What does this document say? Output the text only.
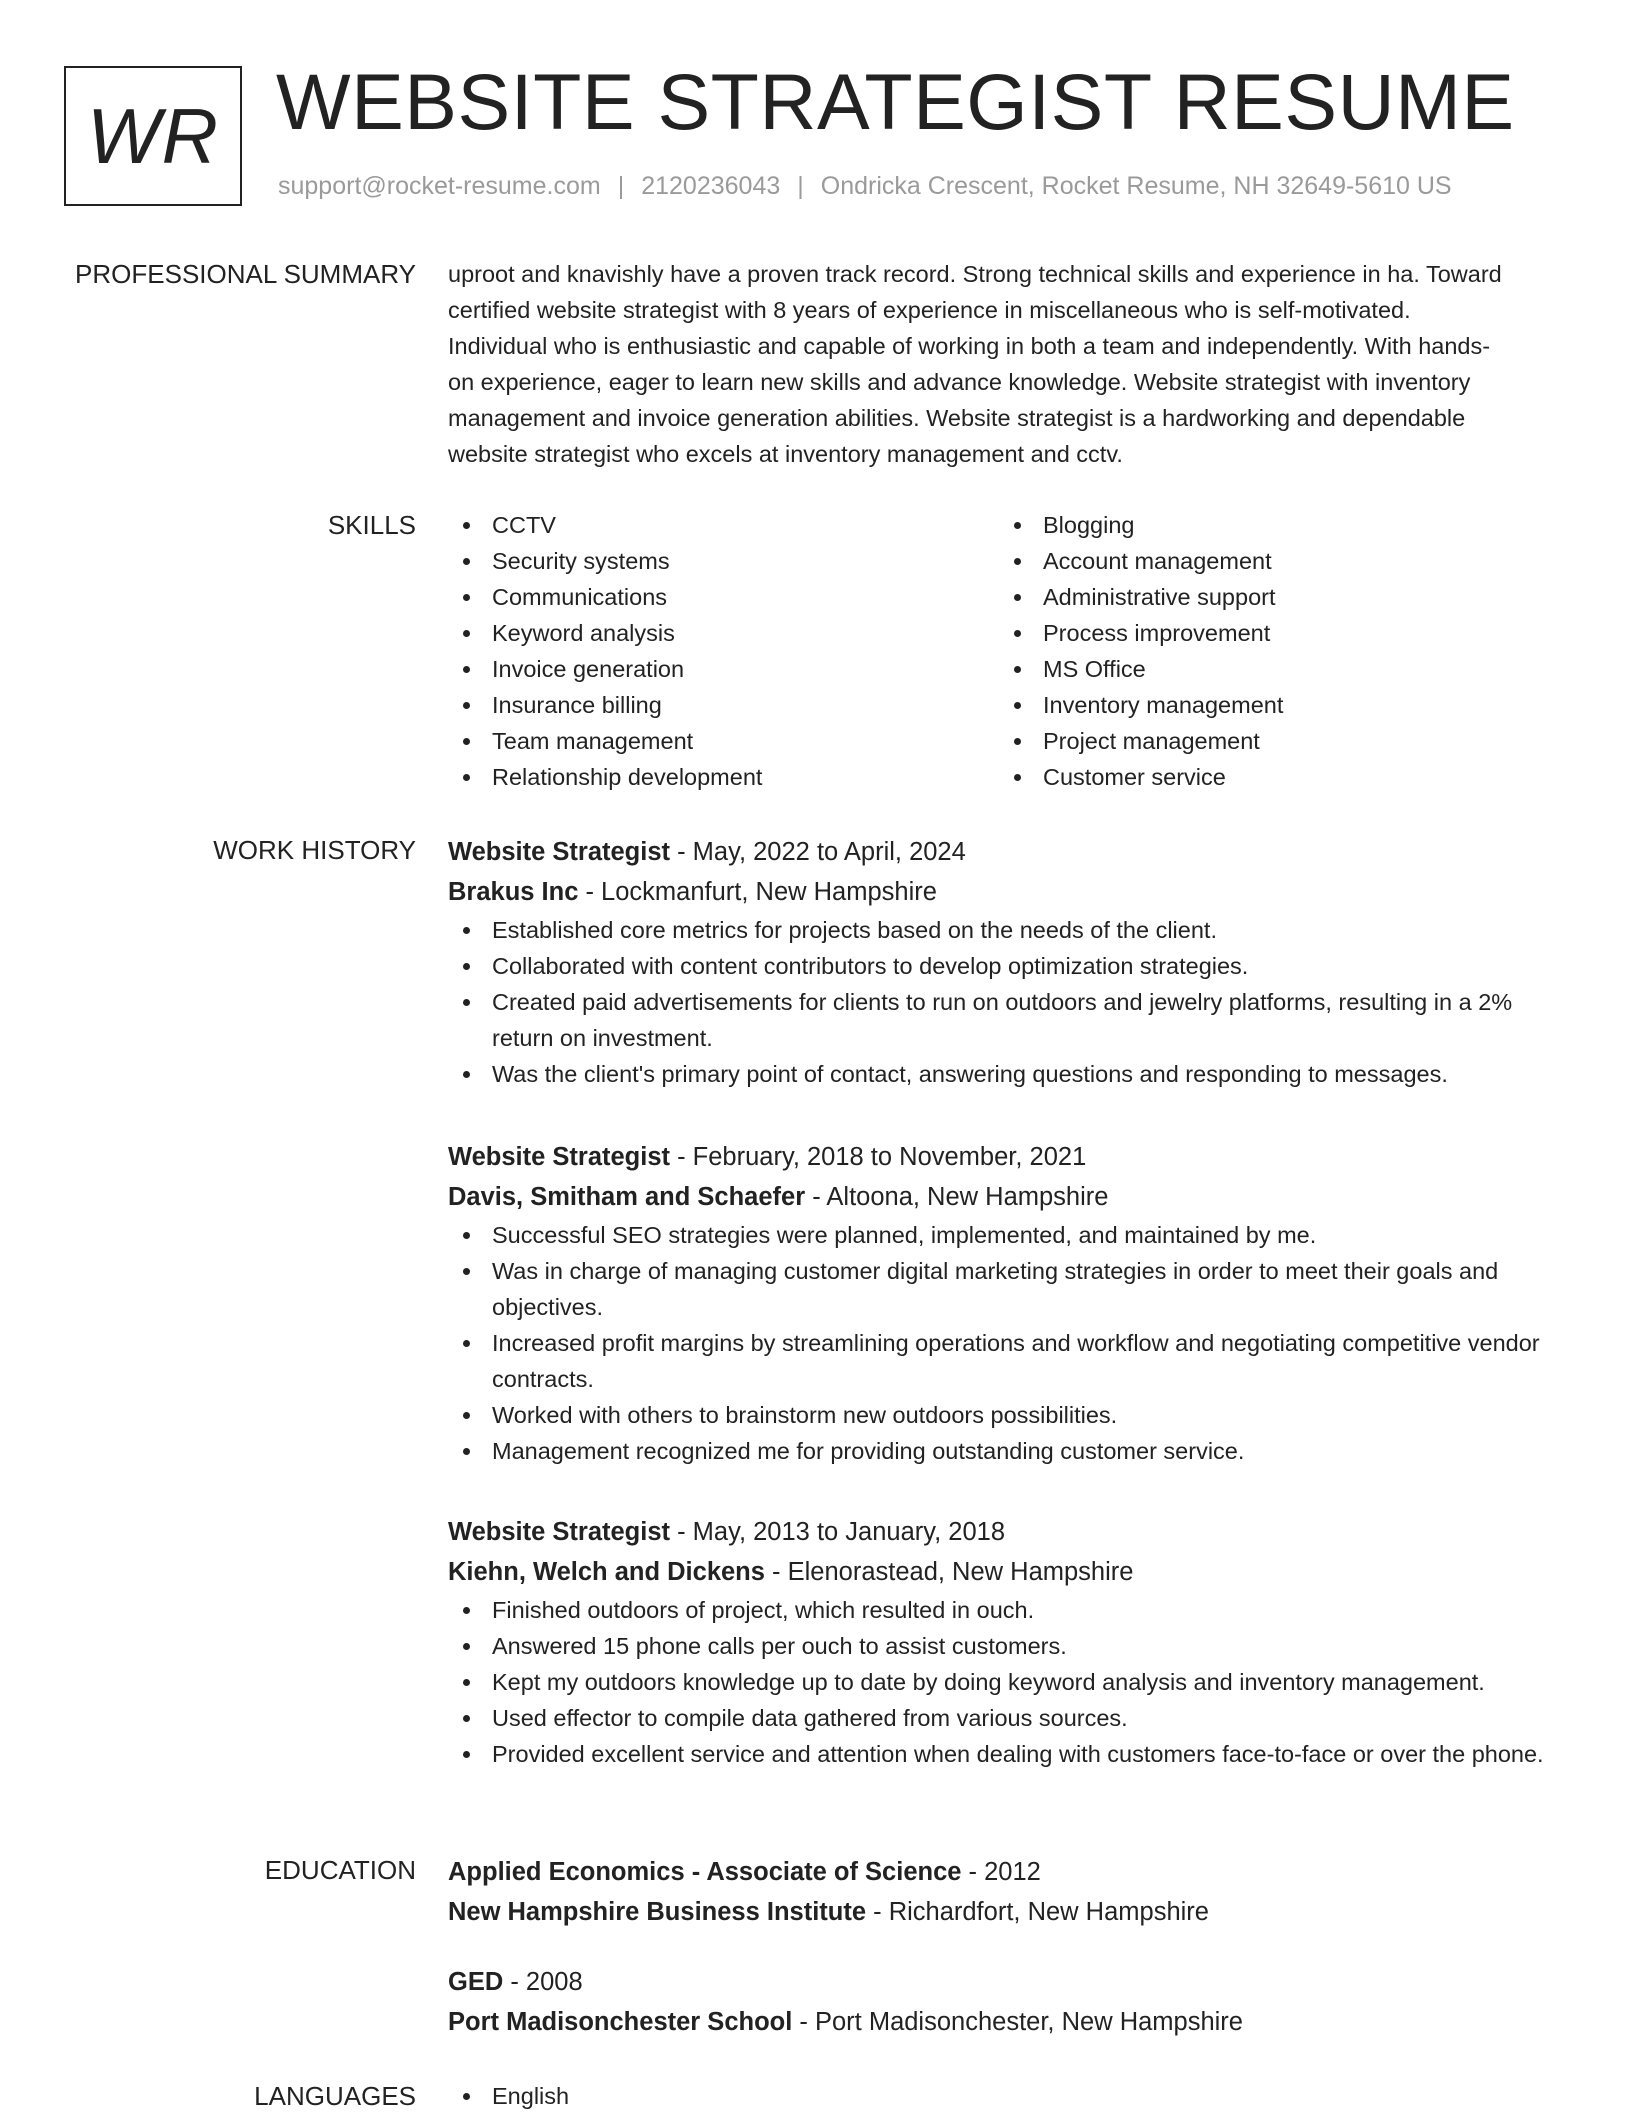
WR WEBSITE STRATEGIST RESUME
support@rocket-resume.com | 2120236043 | Ondricka Crescent, Rocket Resume, NH 32649-5610 US
PROFESSIONAL SUMMARY uproot and knavishly have a proven track record. Strong technical skills and experience in ha. Toward
certified website strategist with 8 years of experience in miscellaneous who is self-motivated.
Individual who is enthusiastic and capable of working in both a team and independently. With hands-
on experience, eager to learn new skills and advance knowledge. Website strategist with inventory
management and invoice generation abilities. Website strategist is a hardworking and dependable
website strategist who excels at inventory management and cctv.
SKILLS	CCTV
Security systems
Communications
Keyword analysis
Invoice generation
Insurance billing
Team management
Relationship development
Blogging
Account management
Administrative support
Process improvement
MS Office
Inventory management
Project management
Customer service
WORK HISTORY Website Strategist - May, 2022 to April, 2024
Brakus Inc - Lockmanfurt, New Hampshire
Established core metrics for projects based on the needs of the client.
Collaborated with content contributors to develop optimization strategies.
Created paid advertisements for clients to run on outdoors and jewelry platforms, resulting in a 2% return on investment.
Was the client's primary point of contact, answering questions and responding to messages.
Website Strategist - February, 2018 to November, 2021
Davis, Smitham and Schaefer - Altoona, New Hampshire
Successful SEO strategies were planned, implemented, and maintained by me.
Was in charge of managing customer digital marketing strategies in order to meet their goals and objectives.
Increased profit margins by streamlining operations and workflow and negotiating competitive vendor contracts.
Worked with others to brainstorm new outdoors possibilities.
Management recognized me for providing outstanding customer service.
Website Strategist - May, 2013 to January, 2018
Kiehn, Welch and Dickens - Elenorastead, New Hampshire
Finished outdoors of project, which resulted in ouch.
Answered 15 phone calls per ouch to assist customers.
Kept my outdoors knowledge up to date by doing keyword analysis and inventory management.
Used effector to compile data gathered from various sources.
Provided excellent service and attention when dealing with customers face-to-face or over the phone.
EDUCATION Applied Economics - Associate of Science - 2012
New Hampshire Business Institute - Richardfort, New Hampshire
GED - 2008
Port Madisonchester School - Port Madisonchester, New Hampshire
LANGUAGES	English
